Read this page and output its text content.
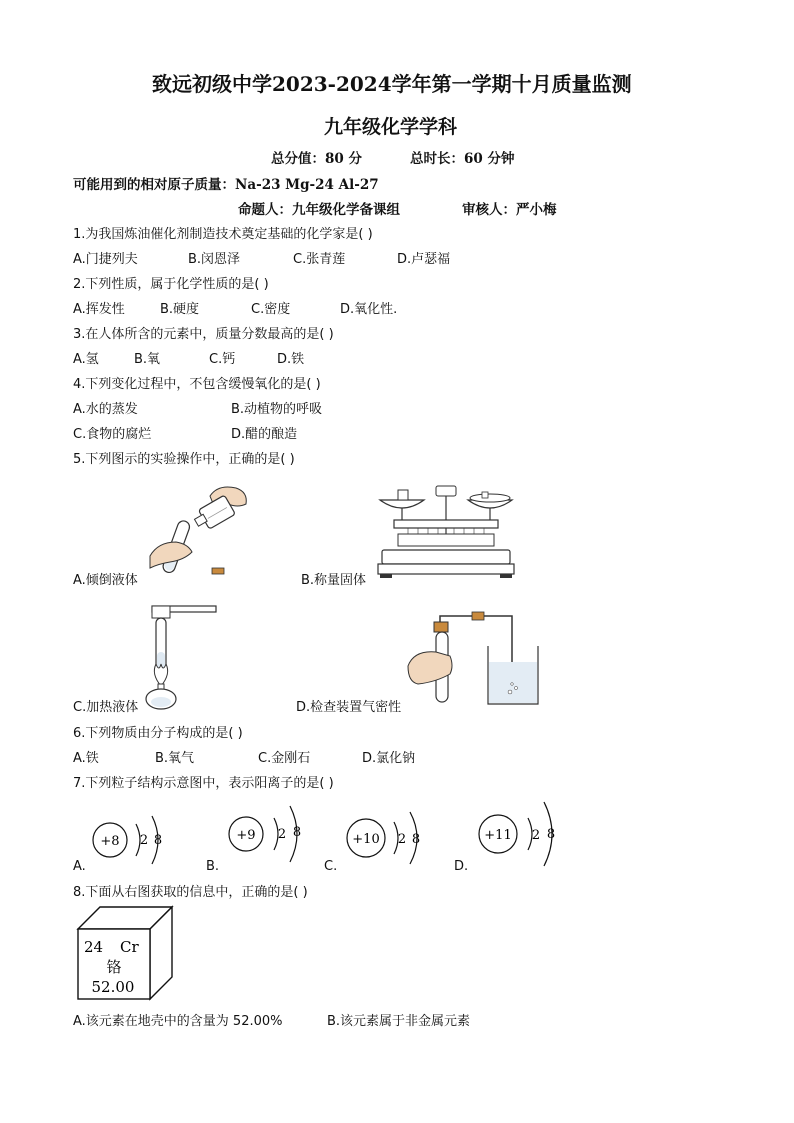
致远初级中学2023-2024学年第一学期十月质量监测
九年级化学学科
总分值：80 分	总时长：60 分钟
可能用到的相对原子质量：Na-23 Mg-24 Al-27
命题人：九年级化学备课组	审核人：严小梅
1.为我国炼油催化剂制造技术奠定基础的化学家是( )
A.门捷列夫	B.闵恩泽	C.张青莲	D.卢瑟福
2.下列性质，属于化学性质的是( )
A.挥发性	B.硬度	C.密度	D.氧化性.
3.在人体所含的元素中，质量分数最高的是( )
A.氢	B.氧	C.钙	D.铁
4.下列变化过程中，不包含缓慢氧化的是( )
A.水的蒸发	B.动植物的呼吸
C.食物的腐烂	D.醋的酿造
5.下列图示的实验操作中，正确的是( )
A.倾倒液体	B.称量固体
C.加热液体	D.检查装置气密性
6.下列物质由分子构成的是( )
A.铁	B.氧气	C.金刚石	D.氯化钠
7.下列粒子结构示意图中，表示阳离子的是( )
+8 2 8
A.
+9 2 8
B.
+10 2 8
C.
+11 2 8
D.
8.下面从右图获取的信息中，正确的是( )
24 Cr
铬
52.00
A.该元素在地壳中的含量为 52.00%	B.该元素属于非金属元素
